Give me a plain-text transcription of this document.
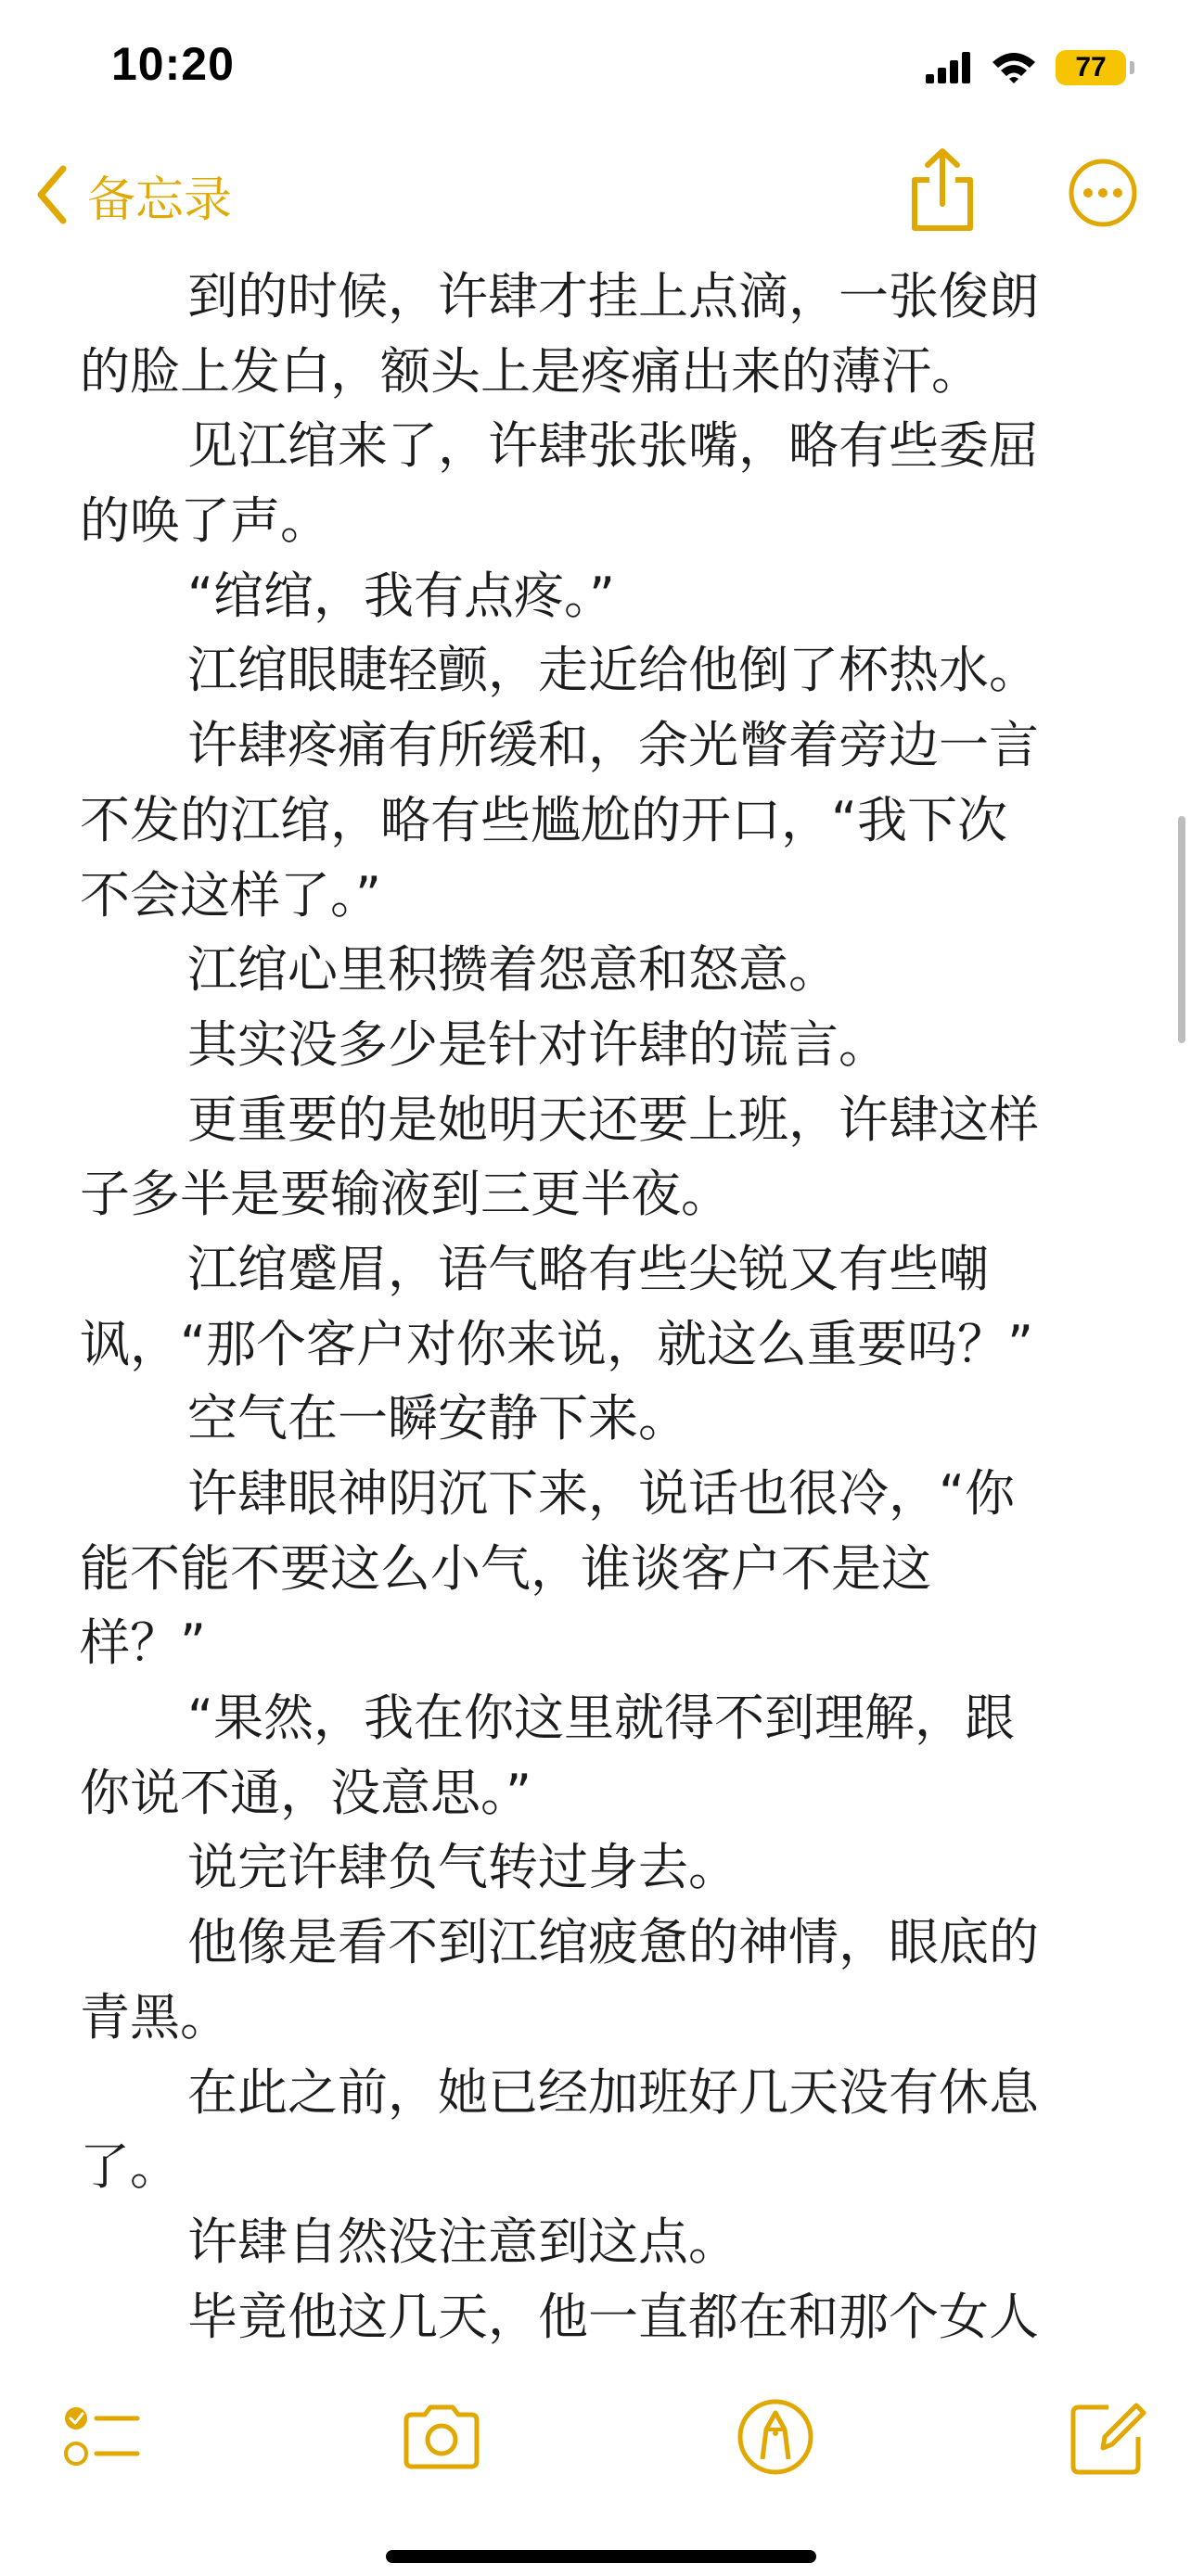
10:20	77
备忘录
到的时候，许肆才挂上点滴，一张俊朗
的脸上发白，额头上是疼痛出来的薄汗。
见江绾来了，许肆张张嘴，略有些委屈
的唤了声。
“绾绾，我有点疼。”
江绾眼睫轻颤，走近给他倒了杯热水。
许肆疼痛有所缓和，余光瞥着旁边一言
不发的江绾，略有些尴尬的开口，“我下次
不会这样了。”
江绾心里积攒着怨意和怒意。
其实没多少是针对许肆的谎言。
更重要的是她明天还要上班，许肆这样
子多半是要输液到三更半夜。
江绾蹙眉，语气略有些尖锐又有些嘲
讽，“那个客户对你来说，就这么重要吗？”
空气在一瞬安静下来。
许肆眼神阴沉下来，说话也很冷，“你
能不能不要这么小气，谁谈客户不是这
样？”
“果然，我在你这里就得不到理解，跟
你说不通，没意思。”
说完许肆负气转过身去。
他像是看不到江绾疲惫的神情，眼底的
青黑。
在此之前，她已经加班好几天没有休息
了。
许肆自然没注意到这点。
毕竟他这几天，他一直都在和那个女人
